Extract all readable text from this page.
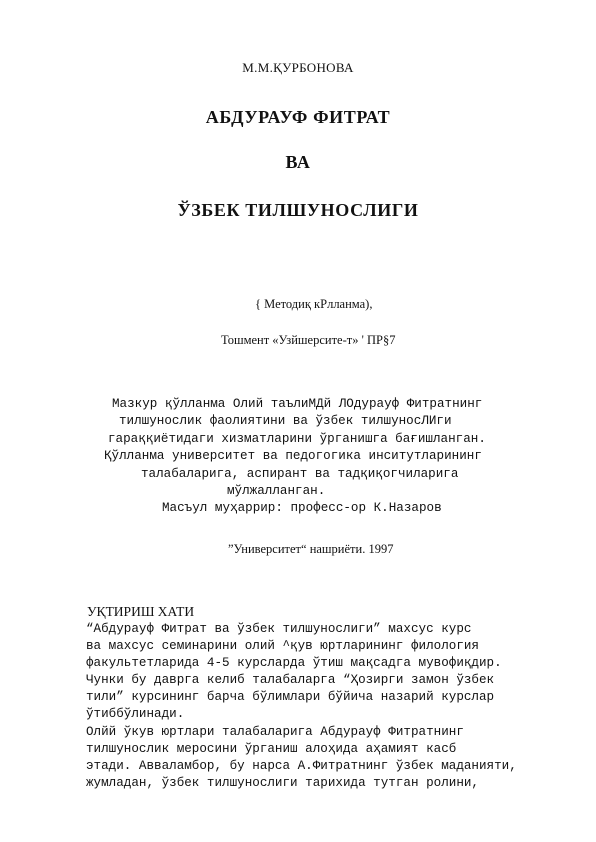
М.М.ҚУРБОНОВА
АБДУРАУФ ФИТРАТ
ВА
ЎЗБЕК ТИЛШУНОСЛИГИ
{ Методиқ кРлланма),
Тошмент «Узйшерсите-т» ' ПР§7
Мазкур қўлланма Олий таълиМДй ЛОдурауф Фитратнинг
тилшунослик фаолиятини ва ўзбек тилшуносЛИги
гараққиётидаги хизматларини ўрганишга бағишланган.
Қўлланма университет ва педогогика инситутларининг
талабаларига, аспирант ва тадқиқогчиларига
мўлжалланган.
Масъул муҳаррир: професс-ор К.Назаров
”Университет“ нашриёти. 1997
УҚТИРИШ ХАТИ
“Абдурауф Фитрат ва ўзбек тилшунослиги” махсус курс
ва махсус семинарини олий ^қув юртларининг филология
факультетларида 4-5 курсларда ўтиш мақсадга мувофиқдир.
Чунки бу даврга келиб талабаларга “Ҳозирги замон ўзбек
тили” курсининг барча бўлимлари бўйича назарий курслар
ўтиббўлинади.
Олйй ўкув юртлари талабаларига Абдурауф Фитратнинг
тилшунослик меросини ўрганиш алоҳида аҳамият касб
этади. Авваламбор, бу нарса А.Фитратнинг ўзбек маданияти,
жумладан, ўзбек тилшунослиги тарихида тутган ролини,
